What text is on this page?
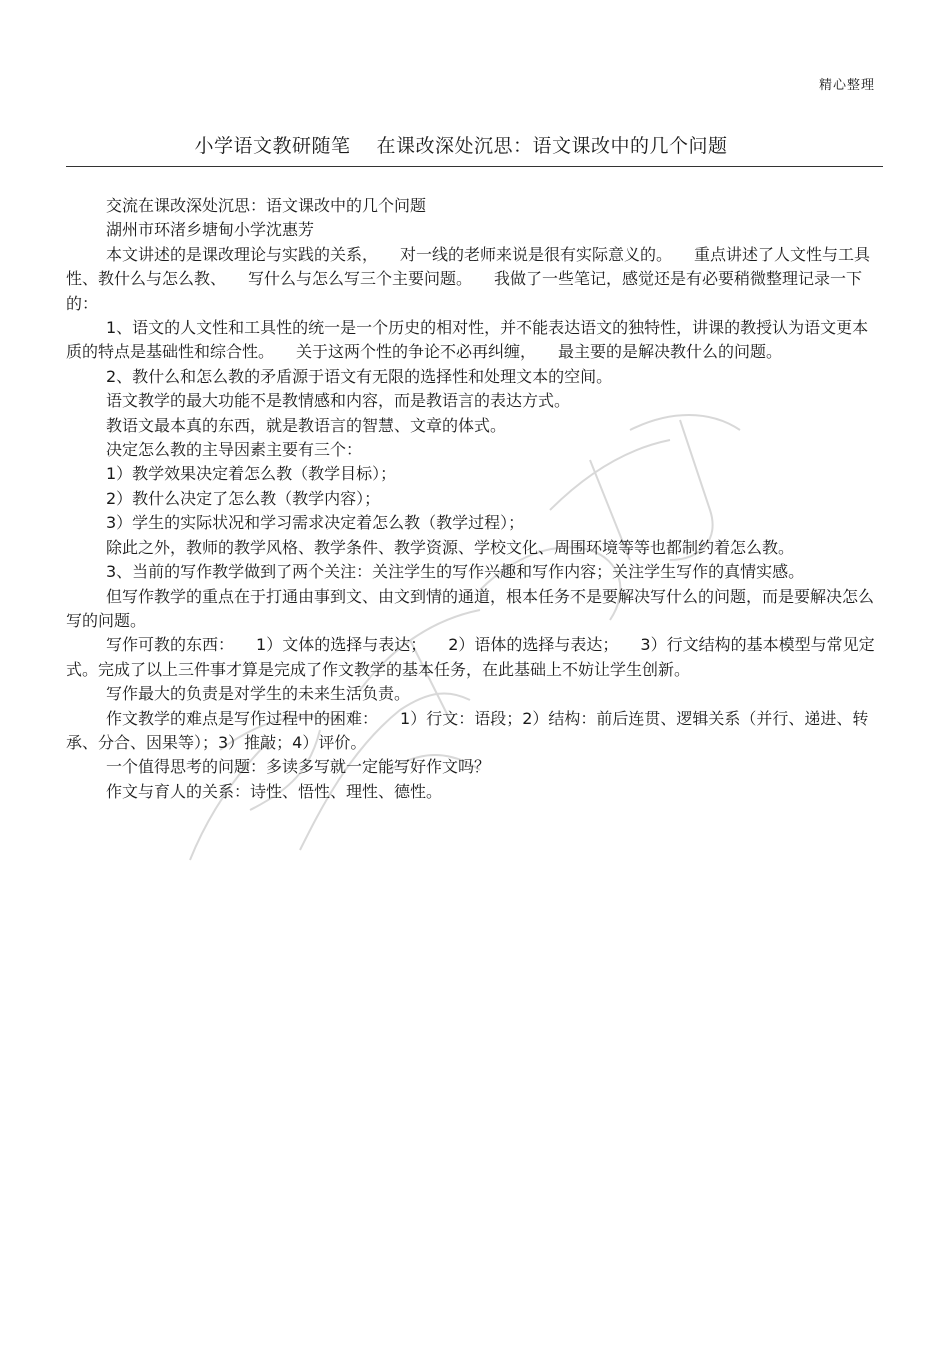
精心整理
小学语文教研随笔 在课改深处沉思：语文课改中的几个问题

交流在课改深处沉思：语文课改中的几个问题

湖州市环渚乡塘甸小学沈惠芳

本文讲述的是课改理论与实践的关系， 对一线的老师来说是很有实际意义的。 重点讲述了人文性与工具性、教什么与怎么教、 写什么与怎么写三个主要问题。 我做了一些笔记，感觉还是有必要稍微整理记录一下的：

1、语文的人文性和工具性的统一是一个历史的相对性，并不能表达语文的独特性，讲课的教授认为语文更本质的特点是基础性和综合性。 关于这两个性的争论不必再纠缠， 最主要的是解决教什么的问题。

2、教什么和怎么教的矛盾源于语文有无限的选择性和处理文本的空间。

语文教学的最大功能不是教情感和内容，而是教语言的表达方式。

教语文最本真的东西，就是教语言的智慧、文章的体式。

决定怎么教的主导因素主要有三个：

1）教学效果决定着怎么教（教学目标）；

2）教什么决定了怎么教（教学内容）；

3）学生的实际状况和学习需求决定着怎么教（教学过程）；

除此之外，教师的教学风格、教学条件、教学资源、学校文化、周围环境等等也都制约着怎么教。

3、当前的写作教学做到了两个关注：关注学生的写作兴趣和写作内容；关注学生写作的真情实感。

但写作教学的重点在于打通由事到文、由文到情的通道，根本任务不是要解决写什么的问题，而是要解决怎么写的问题。

写作可教的东西： 1）文体的选择与表达； 2）语体的选择与表达； 3）行文结构的基本模型与常见定式。完成了以上三件事才算是完成了作文教学的基本任务，在此基础上不妨让学生创新。

写作最大的负责是对学生的未来生活负责。

作文教学的难点是写作过程中的困难： 1）行文：语段；2）结构：前后连贯、逻辑关系（并行、递进、转承、分合、因果等）；3）推敲；4）评价。

一个值得思考的问题：多读多写就一定能写好作文吗？

作文与育人的关系：诗性、悟性、理性、德性。
